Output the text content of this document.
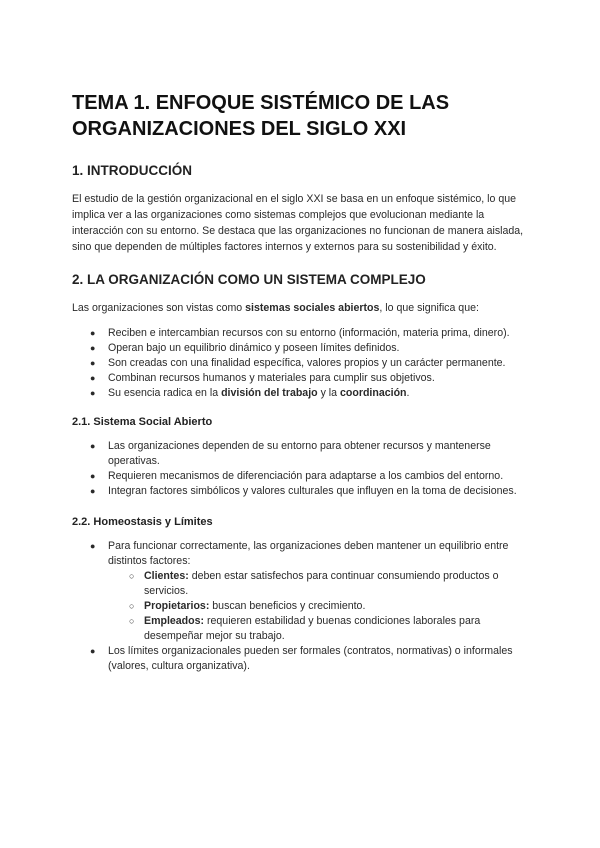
TEMA 1. ENFOQUE SISTÉMICO DE LAS ORGANIZACIONES DEL SIGLO XXI
1. INTRODUCCIÓN

El estudio de la gestión organizacional en el siglo XXI se basa en un enfoque sistémico, lo que implica ver a las organizaciones como sistemas complejos que evolucionan mediante la interacción con su entorno. Se destaca que las organizaciones no funcionan de manera aislada, sino que dependen de múltiples factores internos y externos para su sostenibilidad y éxito.

2. LA ORGANIZACIÓN COMO UN SISTEMA COMPLEJO

Las organizaciones son vistas como sistemas sociales abiertos, lo que significa que:

● Reciben e intercambian recursos con su entorno (información, materia prima, dinero).
● Operan bajo un equilibrio dinámico y poseen límites definidos.
● Son creadas con una finalidad específica, valores propios y un carácter permanente.
● Combinan recursos humanos y materiales para cumplir sus objetivos.
● Su esencia radica en la división del trabajo y la coordinación.
2.1. Sistema Social Abierto
● Las organizaciones dependen de su entorno para obtener recursos y mantenerse operativas.
● Requieren mecanismos de diferenciación para adaptarse a los cambios del entorno.
● Integran factores simbólicos y valores culturales que influyen en la toma de decisiones.
2.2. Homeostasis y Límites
● Para funcionar correctamente, las organizaciones deben mantener un equilibrio entre distintos factores:
○ Clientes: deben estar satisfechos para continuar consumiendo productos o servicios.
○ Propietarios: buscan beneficios y crecimiento.
○ Empleados: requieren estabilidad y buenas condiciones laborales para desempeñar mejor su trabajo.
● Los límites organizacionales pueden ser formales (contratos, normativas) o informales (valores, cultura organizativa).
